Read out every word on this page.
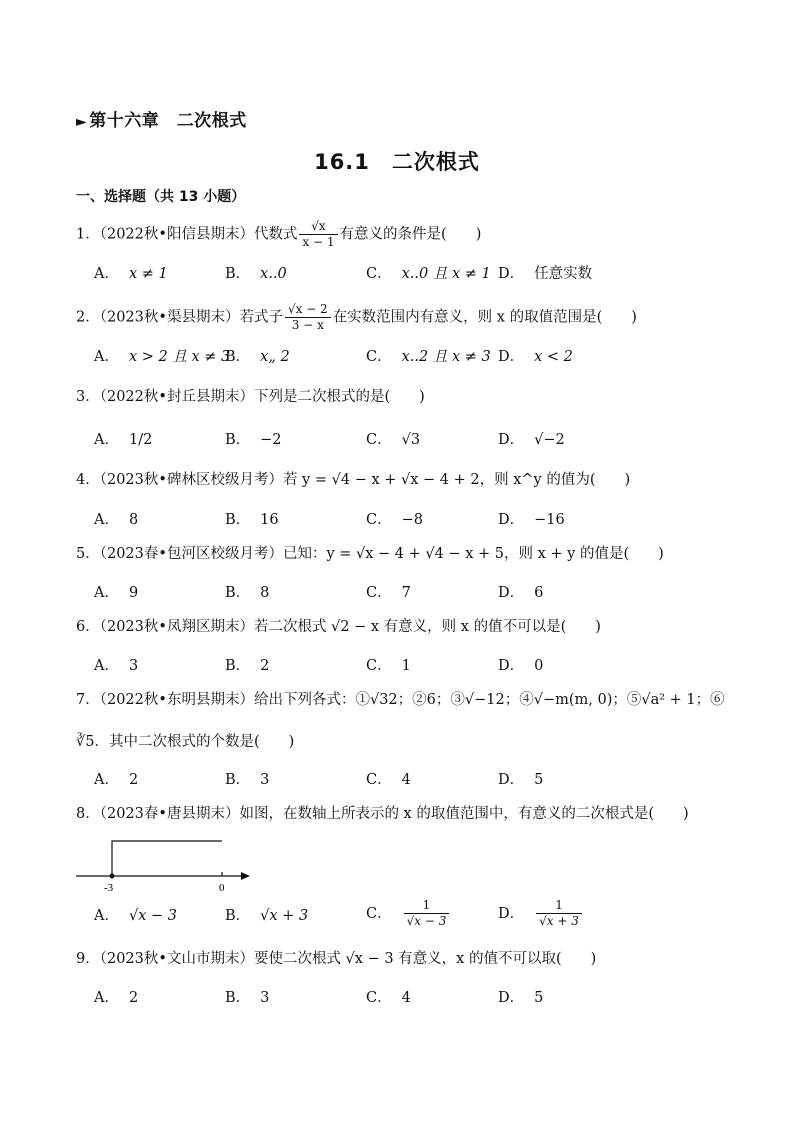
► 第十六章　二次根式
16.1　二次根式
一、选择题（共 13 小题）
1．（2022秋•阳信县期末）代数式 $\frac{√x}{x - 1}$ 有意义的条件是(　　)
A． x ≠ 1	B． x..0	C． x..0 且 x ≠ 1 D． 任意实数
2．（2023秋•渠县期末）若式子 $\frac{√x - 2}{3 - x}$ 在实数范围内有意义，则 x 的取值范围是(　　)
A． x > 2 且 x ≠ 3
B． x„ 2	C． x..2 且 x ≠ 3 D． x < 2
3．（2022秋•封丘县期末）下列是二次根式的是(　　)
A． 1/2	B． −2	C． √3	D． √−2
4．（2023秋•碑林区校级月考）若 y = √4 − x + √x − 4 + 2，则 x^y 的值为(　　)
A． 8	B． 16	C． −8	D． −16
5．（2023春•包河区校级月考）已知：y = √x − 4 + √4 − x + 5，则 x + y 的值是(　　)
A． 9	B． 8	C． 7	D． 6
6．（2023秋•凤翔区期末）若二次根式 √2 − x 有意义，则 x 的值不可以是(　　)
A． 3	B． 2	C． 1	D． 0
7．（2022秋•东明县期末）给出下列各式：①√32；②6；③√−12；④√−m(m, 0)；⑤√a² + 1；⑥
∛5．其中二次根式的个数是(　　)
A． 2	B． 3	C． 4	D． 5
8．（2023春•唐县期末）如图，在数轴上所表示的 x 的取值范围中，有意义的二次根式是(　　)
-3	0
A． √x − 3	B． √x + 3	C． $\frac{1}{√x - 3}$	D． $\frac{1}{√x + 3}$
9．（2023秋•文山市期末）要使二次根式 √x − 3 有意义，x 的值不可以取(　　)
A． 2	B． 3	C． 4	D． 5
